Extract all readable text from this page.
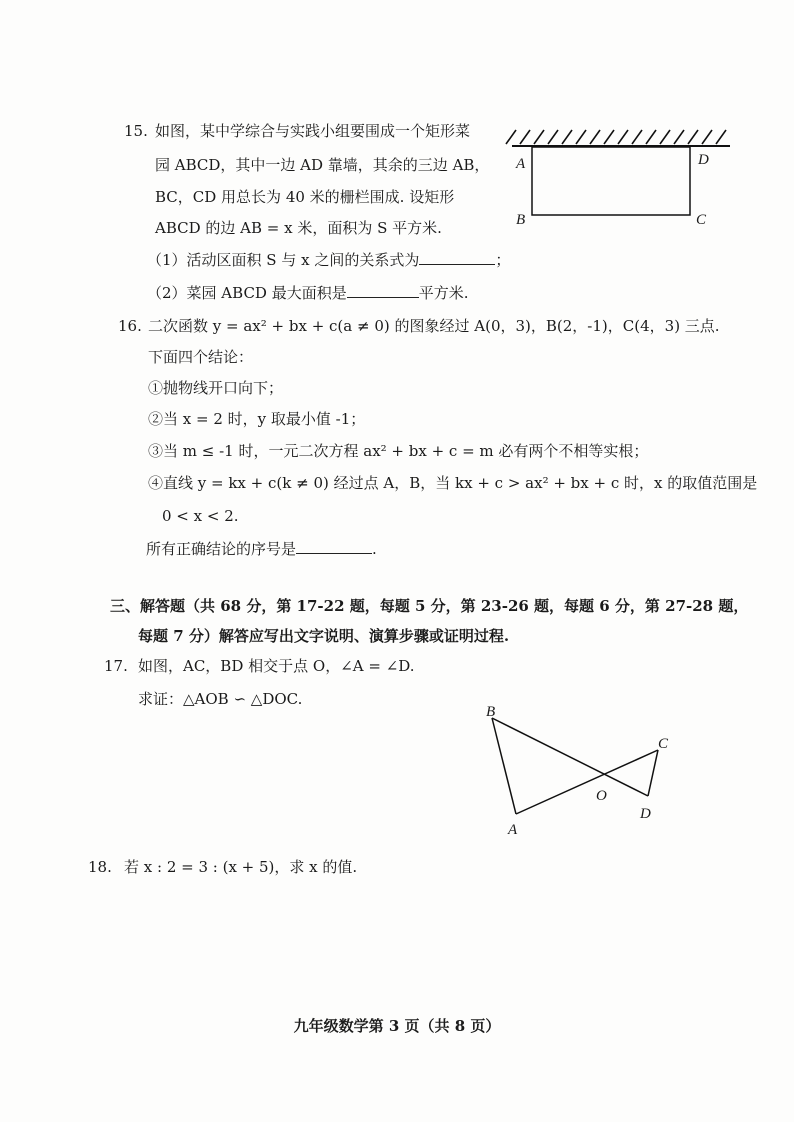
15. 如图，某中学综合与实践小组要围成一个矩形菜
园 ABCD，其中一边 AD 靠墙，其余的三边 AB，
BC，CD 用总长为 40 米的栅栏围成. 设矩形
ABCD 的边 AB = x 米，面积为 S 平方米.
（1）活动区面积 S 与 x 之间的关系式为	；
（2）菜园 ABCD 最大面积是	平方米.
A	D
B	C
16. 二次函数 y = ax² + bx + c(a ≠ 0) 的图象经过 A(0，3)，B(2，-1)，C(4，3) 三点.
下面四个结论：
①抛物线开口向下；
②当 x = 2 时，y 取最小值 -1；
③当 m ≤ -1 时，一元二次方程 ax² + bx + c = m 必有两个不相等实根；
④直线 y = kx + c(k ≠ 0) 经过点 A，B，当 kx + c > ax² + bx + c 时，x 的取值范围是
0 < x < 2.
所有正确结论的序号是	.
三、解答题（共 68 分，第 17-22 题，每题 5 分，第 23-26 题，每题 6 分，第 27-28 题，
每题 7 分）解答应写出文字说明、演算步骤或证明过程.
17. 如图，AC，BD 相交于点 O，∠A = ∠D.
求证：△AOB ∽ △DOC.
B
C
O
D
A
18. 若 x : 2 = 3 : (x + 5)，求 x 的值.
九年级数学第 3 页（共 8 页）
